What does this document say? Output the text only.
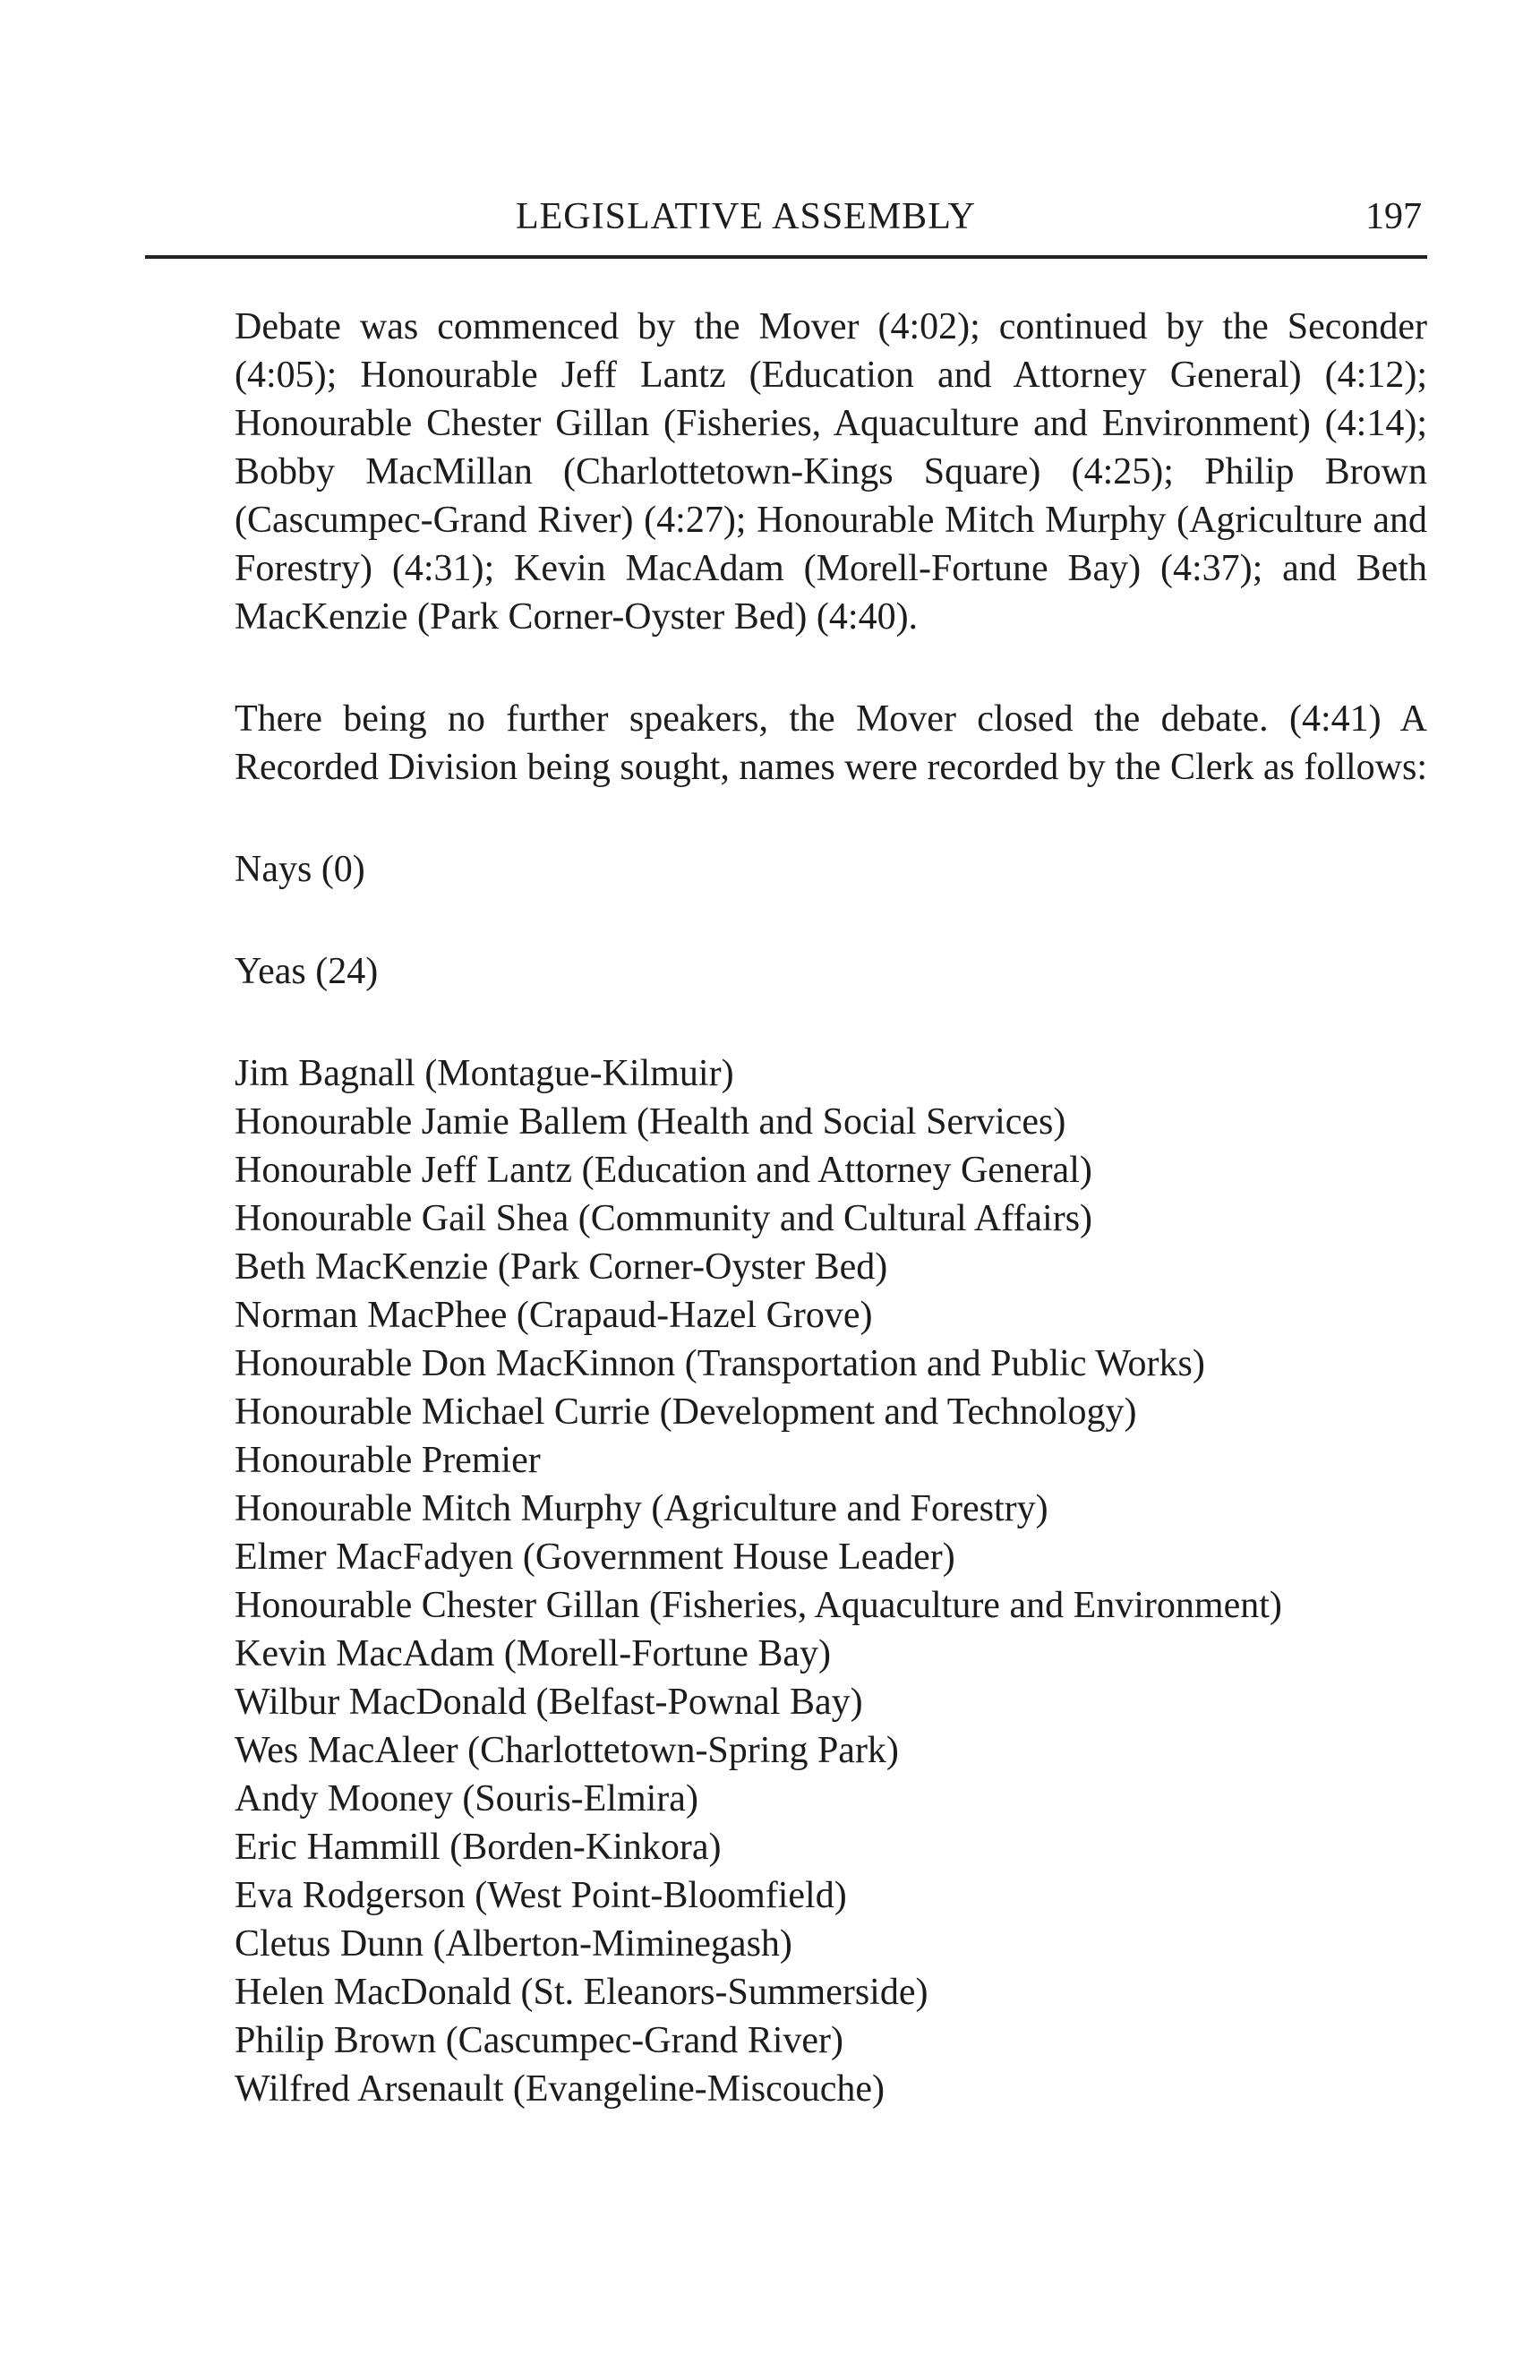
LEGISLATIVE ASSEMBLY	197

Debate was commenced by the Mover (4:02); continued by the Seconder (4:05); Honourable Jeff Lantz (Education and Attorney General) (4:12); Honourable Chester Gillan (Fisheries, Aquaculture and Environment) (4:14); Bobby MacMillan (Charlottetown-Kings Square) (4:25); Philip Brown (Cascumpec-Grand River) (4:27); Honourable Mitch Murphy (Agriculture and Forestry) (4:31); Kevin MacAdam (Morell-Fortune Bay) (4:37); and Beth MacKenzie (Park Corner-Oyster Bed) (4:40).

There being no further speakers, the Mover closed the debate. (4:41) A Recorded Division being sought, names were recorded by the Clerk as follows:

Nays (0)

Yeas (24)

Jim Bagnall (Montague-Kilmuir)
Honourable Jamie Ballem (Health and Social Services)
Honourable Jeff Lantz (Education and Attorney General)
Honourable Gail Shea (Community and Cultural Affairs)
Beth MacKenzie (Park Corner-Oyster Bed)
Norman MacPhee (Crapaud-Hazel Grove)
Honourable Don MacKinnon (Transportation and Public Works)
Honourable Michael Currie (Development and Technology)
Honourable Premier
Honourable Mitch Murphy (Agriculture and Forestry)
Elmer MacFadyen (Government House Leader)
Honourable Chester Gillan (Fisheries, Aquaculture and Environment)
Kevin MacAdam (Morell-Fortune Bay)
Wilbur MacDonald (Belfast-Pownal Bay)
Wes MacAleer (Charlottetown-Spring Park)
Andy Mooney (Souris-Elmira)
Eric Hammill (Borden-Kinkora)
Eva Rodgerson (West Point-Bloomfield)
Cletus Dunn (Alberton-Miminegash)
Helen MacDonald (St. Eleanors-Summerside)
Philip Brown (Cascumpec-Grand River)
Wilfred Arsenault (Evangeline-Miscouche)
